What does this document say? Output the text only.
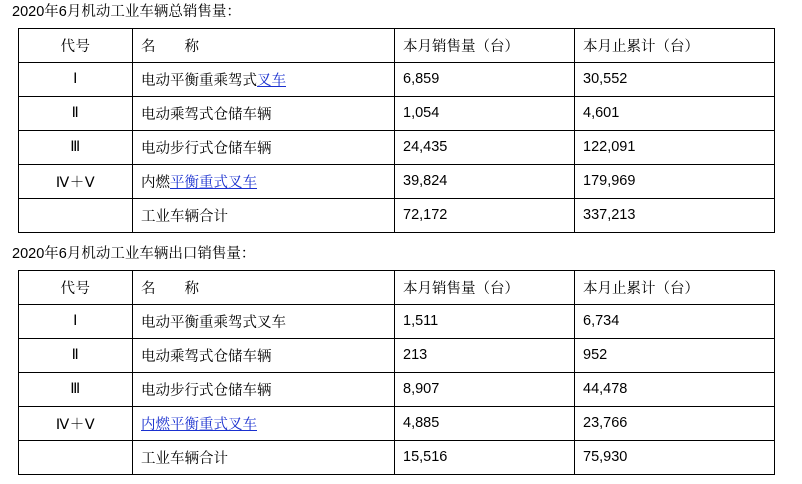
2020年6月机动工业车辆总销售量：
代号	名　　称	本月销售量（台）	本月止累计（台）
Ⅰ	电动平衡重乘驾式叉车	6,859	30,552
Ⅱ	电动乘驾式仓储车辆	1,054	4,601
Ⅲ	电动步行式仓储车辆	24,435	122,091
Ⅳ＋Ⅴ	内燃平衡重式叉车	39,824	179,969
	工业车辆合计	72,172	337,213
2020年6月机动工业车辆出口销售量：
代号	名　　称	本月销售量（台）	本月止累计（台）
Ⅰ	电动平衡重乘驾式叉车	1,511	6,734
Ⅱ	电动乘驾式仓储车辆	213	952
Ⅲ	电动步行式仓储车辆	8,907	44,478
Ⅳ＋Ⅴ	内燃平衡重式叉车	4,885	23,766
	工业车辆合计	15,516	75,930
